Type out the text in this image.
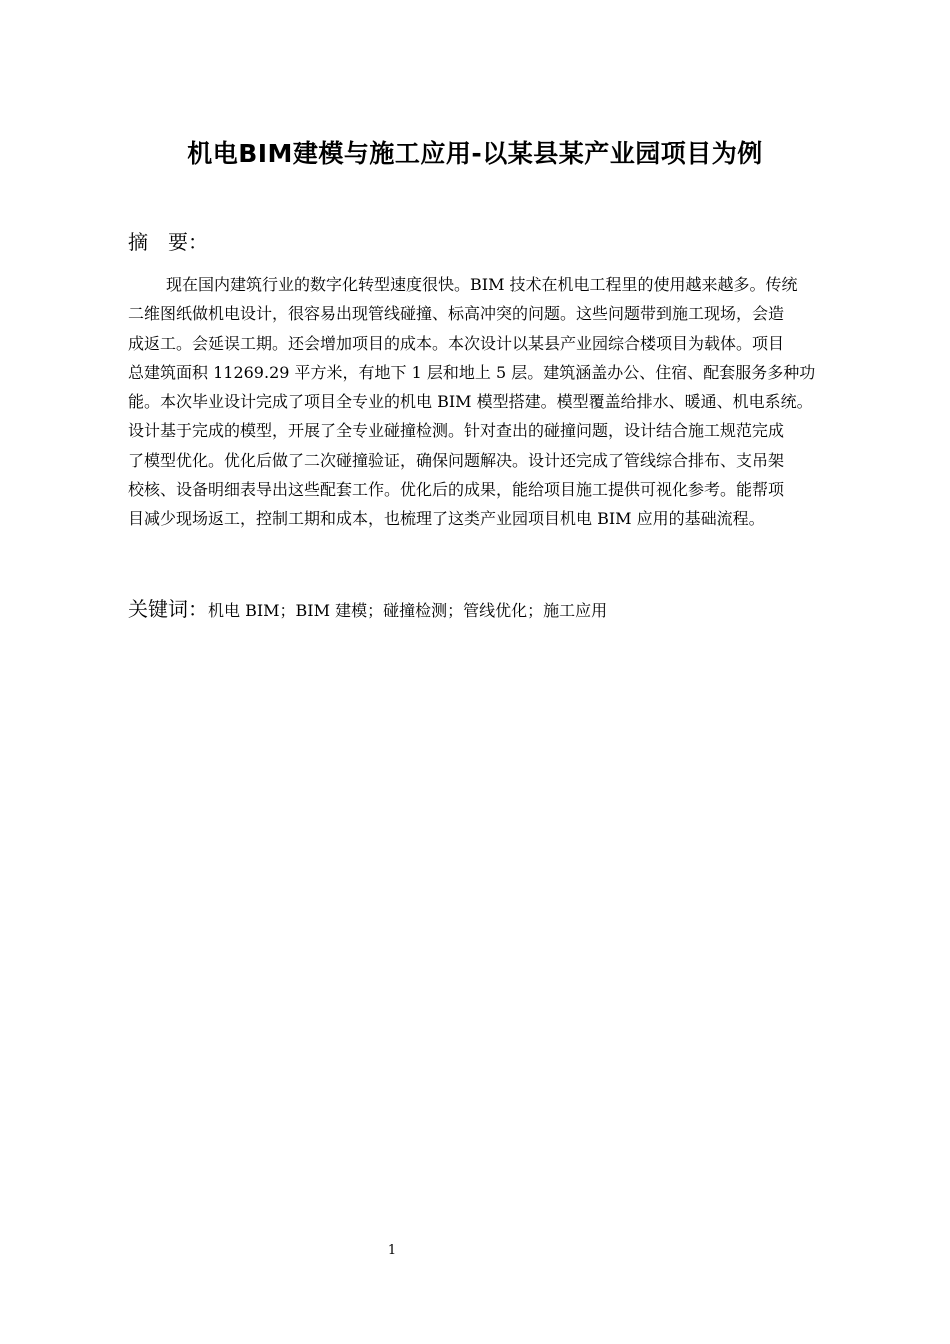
机电BIM建模与施工应用-以某县某产业园项目为例
摘　要：
现在国内建筑行业的数字化转型速度很快。BIM 技术在机电工程里的使用越来越多。传统
二维图纸做机电设计，很容易出现管线碰撞、标高冲突的问题。这些问题带到施工现场，会造
成返工。会延误工期。还会增加项目的成本。本次设计以某县产业园综合楼项目为载体。项目
总建筑面积 11269.29 平方米，有地下 1 层和地上 5 层。建筑涵盖办公、住宿、配套服务多种功
能。本次毕业设计完成了项目全专业的机电 BIM 模型搭建。模型覆盖给排水、暖通、机电系统。
设计基于完成的模型，开展了全专业碰撞检测。针对查出的碰撞问题，设计结合施工规范完成
了模型优化。优化后做了二次碰撞验证，确保问题解决。设计还完成了管线综合排布、支吊架
校核、设备明细表导出这些配套工作。优化后的成果，能给项目施工提供可视化参考。能帮项
目减少现场返工，控制工期和成本，也梳理了这类产业园项目机电 BIM 应用的基础流程。
关键词：机电 BIM；BIM 建模；碰撞检测；管线优化；施工应用
1
